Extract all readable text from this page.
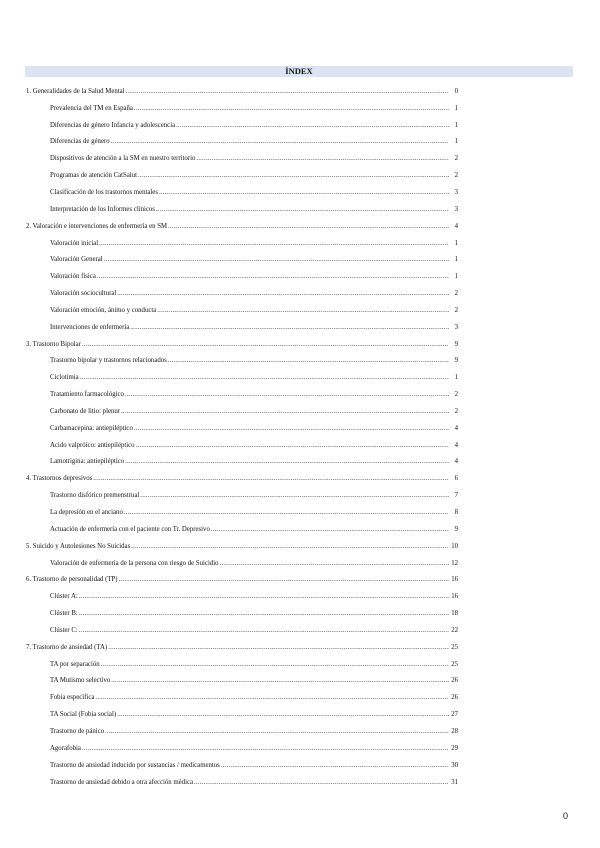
ÍNDEX
1. Generalidades de la Salud Mental .....	0
Prevalencia del TM en España .....	1
Diferencias de género Infancia y adolescencia .....	1
Diferencias de género .....	1
Dispositivos de atención a la SM en nuestro territorio .....	2
Programas de atención CatSalut .....	2
Clasificación de los trastornos mentales .....	3
Interpretación de los Informes clínicos .....	3
2. Valoración e intervenciones de enfermería en SM .....	4
Valoración inicial .....	1
Valoración General .....	1
Valoración física .....	1
Valoración sociocultural .....	2
Valoración emoción, ánimo y conducta .....	2
Intervenciones de enfermería .....	3
3. Trastorno Bipolar .....	9
Trastorno bipolar y trastornos relacionados .....	9
Ciclotimia .....	1
Tratamiento farmacológico .....	2
Carbonato de litio: plenur .....	2
Carbamacepina: antiepiléptico .....	4
Acido valpróico: antiepiléptico .....	4
Lamotrigina: antiepiléptico .....	4
4. Trastornos depresivos .....	6
Trastorno disfórico premenstrual .....	7
La depresión en el anciano .....	8
Actuación de enfermería con el paciente con Tr. Depresivo .....	9
5. Suicido y Autolesiones No Suicidas .....	10
Valoración de enfermería de la persona con riesgo de Suicidio .....	12
6. Trastorno de personalidad (TP) .....	16
Clúster A: .....	16
Clúster B: .....	18
Clúster C: .....	22
7. Trastorno de ansiedad (TA) .....	25
TA por separación .....	25
TA Mutismo selectivo .....	26
Fobia específica .....	26
TA Social (Fobia social) .....	27
Trastorno de pánico .....	28
Agorafobia .....	29
Trastorno de ansiedad inducido por sustancias / medicamentos .....	30
Trastorno de ansiedad debido a otra afección médica .....	31
0
